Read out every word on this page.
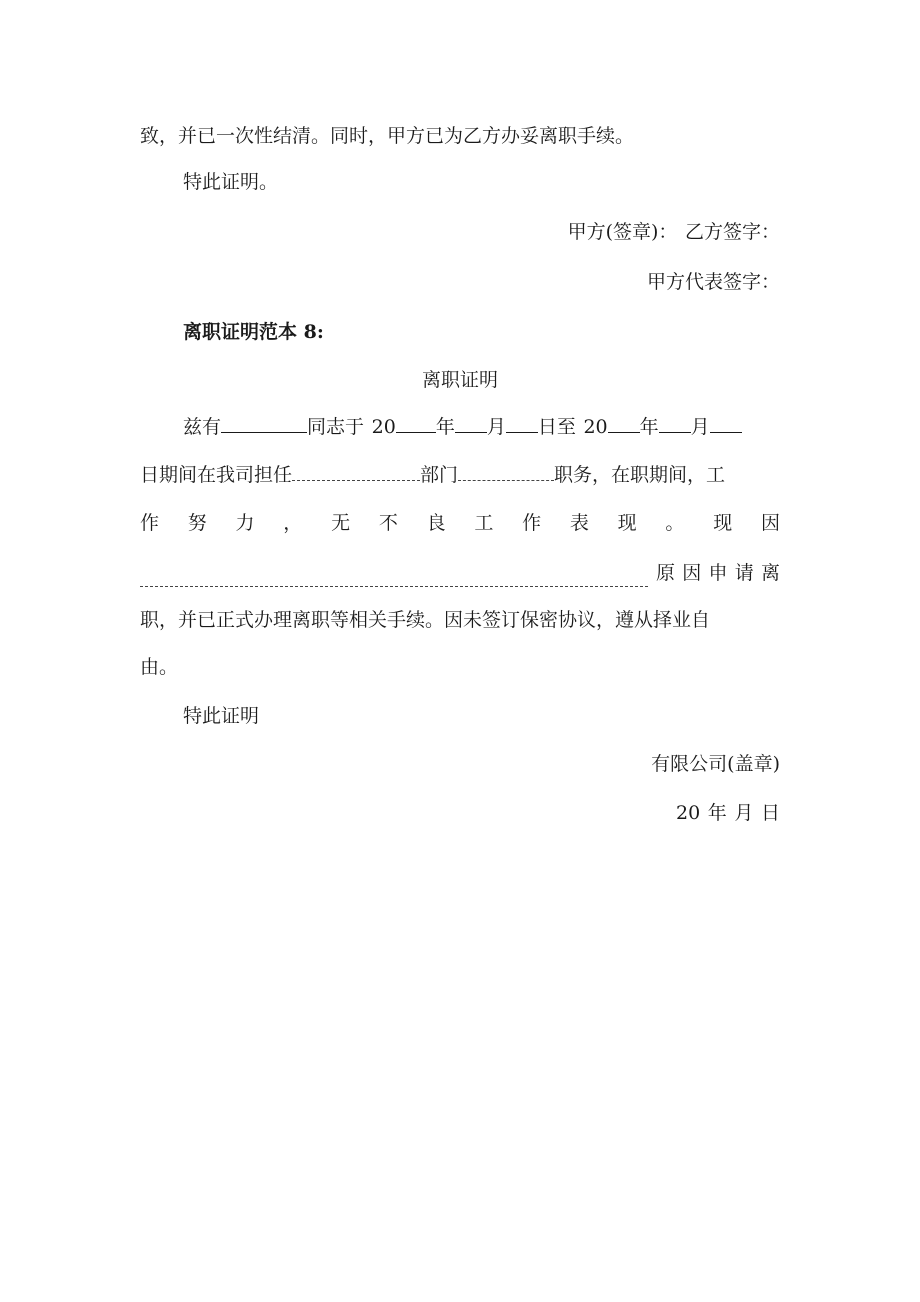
致，并已一次性结清。同时，甲方已为乙方办妥离职手续。
特此证明。
甲方(签章)： 乙方签字：
甲方代表签字：
离职证明范本 8:
离职证明
兹有	同志于 20 年 月 日至 20 年 月
日期间在我司担任	部门	职务，在职期间，工
作 努 力 ， 无 不 良 工 作 表 现 。 现 因
原 因 申 请 离
职，并已正式办理离职等相关手续。因未签订保密协议，遵从择业自
由。
特此证明
有限公司(盖章)
20 年 月 日
